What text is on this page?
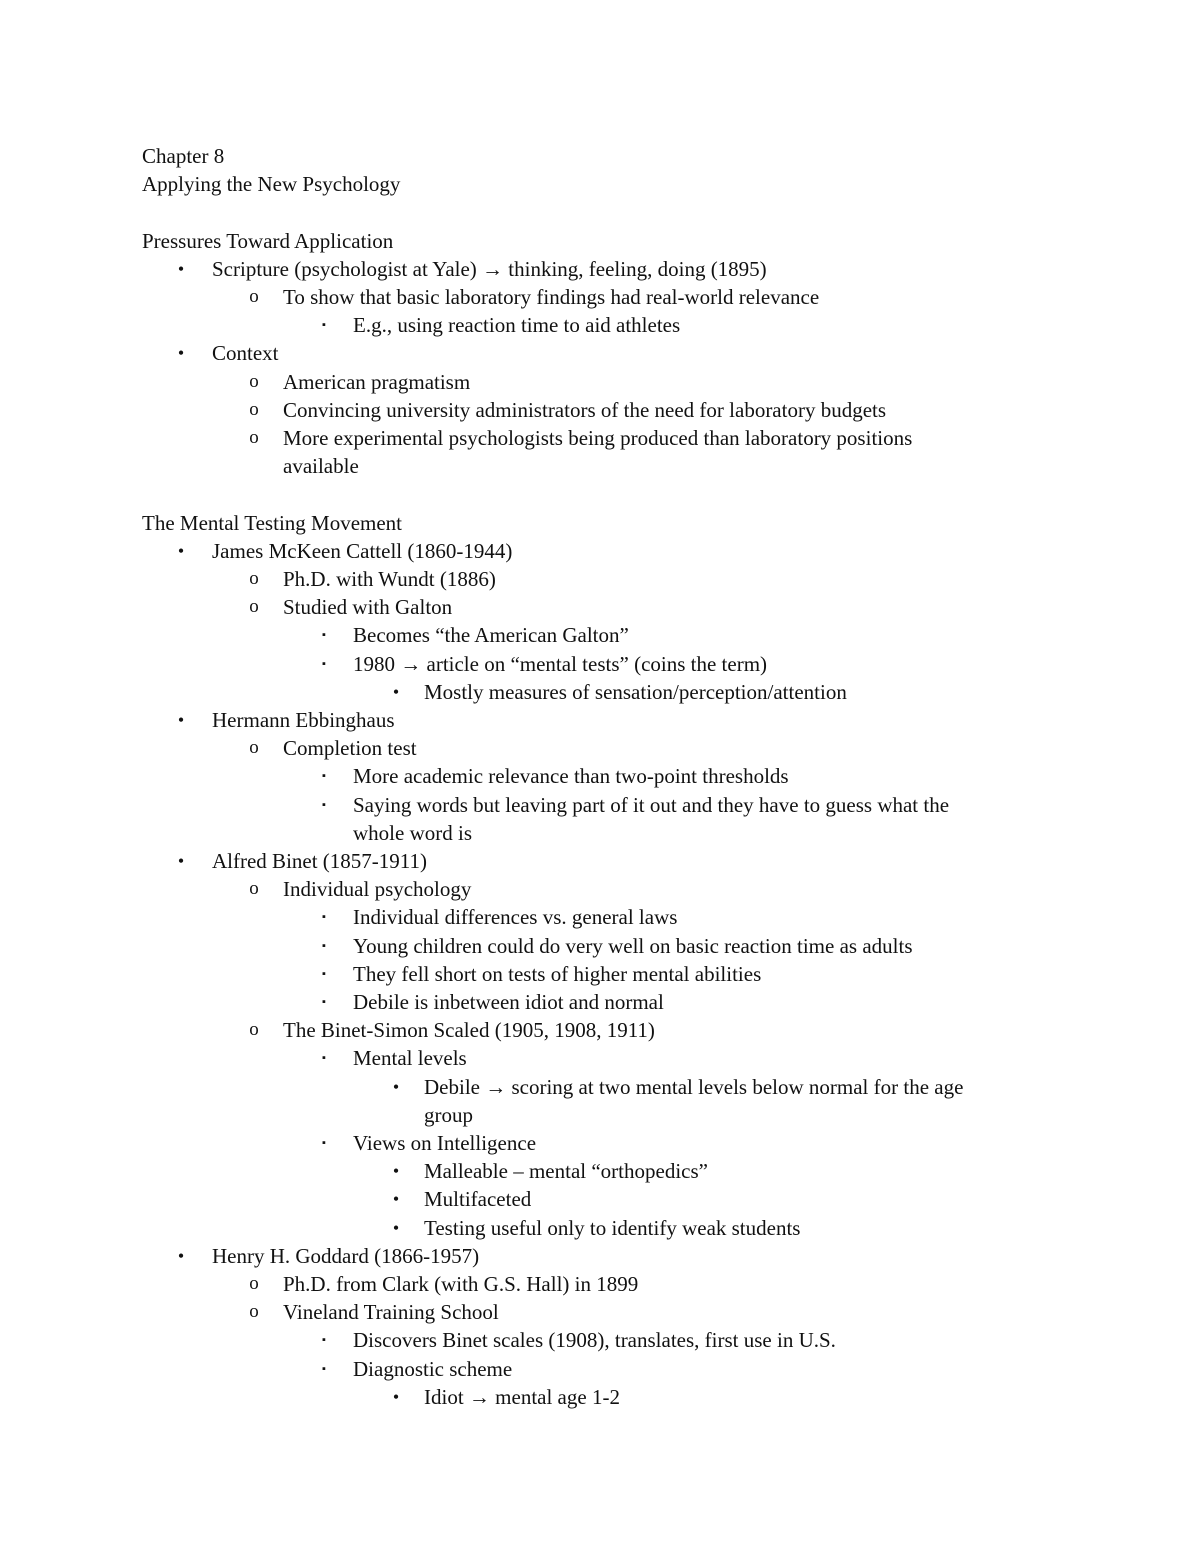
Chapter 8
Applying the New Psychology
Pressures Toward Application
•	Scripture (psychologist at Yale) → thinking, feeling, doing (1895)
o To show that basic laboratory findings had real-world relevance
▪	E.g., using reaction time to aid athletes
•	Context
o American pragmatism
o Convincing university administrators of the need for laboratory budgets
o More experimental psychologists being produced than laboratory positions
available
The Mental Testing Movement
•	James McKeen Cattell (1860-1944)
o Ph.D. with Wundt (1886)
o Studied with Galton
▪	Becomes “the American Galton”
▪	1980 → article on “mental tests” (coins the term)
•	Mostly measures of sensation/perception/attention
•	Hermann Ebbinghaus
o Completion test
▪	More academic relevance than two-point thresholds
▪	Saying words but leaving part of it out and they have to guess what the
whole word is
•	Alfred Binet (1857-1911)
o Individual psychology
▪	Individual differences vs. general laws
▪	Young children could do very well on basic reaction time as adults
▪	They fell short on tests of higher mental abilities
▪	Debile is inbetween idiot and normal
o The Binet-Simon Scaled (1905, 1908, 1911)
▪	Mental levels
•	Debile → scoring at two mental levels below normal for the age
group
▪	Views on Intelligence
•	Malleable – mental “orthopedics”
•	Multifaceted
•	Testing useful only to identify weak students
•	Henry H. Goddard (1866-1957)
o Ph.D. from Clark (with G.S. Hall) in 1899
o Vineland Training School
▪	Discovers Binet scales (1908), translates, first use in U.S.
▪	Diagnostic scheme
•	Idiot → mental age 1-2
